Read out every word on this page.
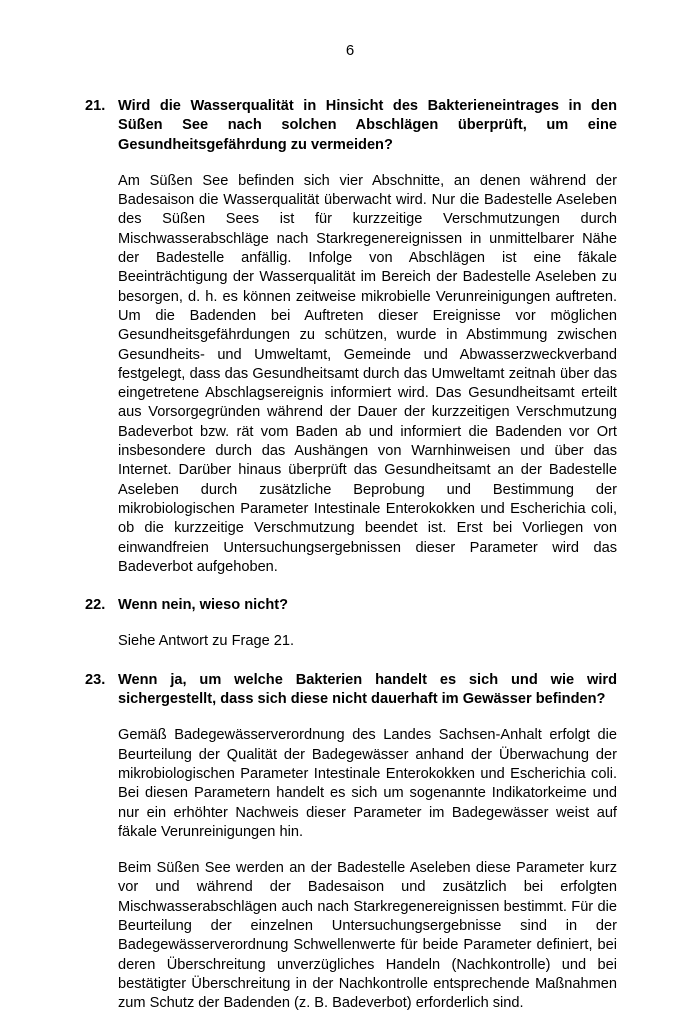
6
21. Wird die Wasserqualität in Hinsicht des Bakterieneintrages in den Süßen See nach solchen Abschlägen überprüft, um eine Gesundheitsgefährdung zu vermeiden?
Am Süßen See befinden sich vier Abschnitte, an denen während der Badesaison die Wasserqualität überwacht wird. Nur die Badestelle Aseleben des Süßen Sees ist für kurzzeitige Verschmutzungen durch Mischwasserabschläge nach Starkregenereignissen in unmittelbarer Nähe der Badestelle anfällig. Infolge von Abschlägen ist eine fäkale Beeinträchtigung der Wasserqualität im Bereich der Badestelle Aseleben zu besorgen, d. h. es können zeitweise mikrobielle Verunreinigungen auftreten. Um die Badenden bei Auftreten dieser Ereignisse vor möglichen Gesundheitsgefährdungen zu schützen, wurde in Abstimmung zwischen Gesundheits- und Umweltamt, Gemeinde und Abwasserzweckverband festgelegt, dass das Gesundheitsamt durch das Umweltamt zeitnah über das eingetretene Abschlagsereignis informiert wird. Das Gesundheitsamt erteilt aus Vorsorgegründen während der Dauer der kurzzeitigen Verschmutzung Badeverbot bzw. rät vom Baden ab und informiert die Badenden vor Ort insbesondere durch das Aushängen von Warnhinweisen und über das Internet. Darüber hinaus überprüft das Gesundheitsamt an der Badestelle Aseleben durch zusätzliche Beprobung und Bestimmung der mikrobiologischen Parameter Intestinale Enterokokken und Escherichia coli, ob die kurzzeitige Verschmutzung beendet ist. Erst bei Vorliegen von einwandfreien Untersuchungsergebnissen dieser Parameter wird das Badeverbot aufgehoben.
22. Wenn nein, wieso nicht?
Siehe Antwort zu Frage 21.
23. Wenn ja, um welche Bakterien handelt es sich und wie wird sichergestellt, dass sich diese nicht dauerhaft im Gewässer befinden?
Gemäß Badegewässerverordnung des Landes Sachsen-Anhalt erfolgt die Beurteilung der Qualität der Badegewässer anhand der Überwachung der mikrobiologischen Parameter Intestinale Enterokokken und Escherichia coli. Bei diesen Parametern handelt es sich um sogenannte Indikatorkeime und nur ein erhöhter Nachweis dieser Parameter im Badegewässer weist auf fäkale Verunreinigungen hin.
Beim Süßen See werden an der Badestelle Aseleben diese Parameter kurz vor und während der Badesaison und zusätzlich bei erfolgten Mischwasserabschlägen auch nach Starkregenereignissen bestimmt. Für die Beurteilung der einzelnen Untersuchungsergebnisse sind in der Badegewässerverordnung Schwellenwerte für beide Parameter definiert, bei deren Überschreitung unverzügliches Handeln (Nachkontrolle) und bei bestätigter Überschreitung in der Nachkontrolle entsprechende Maßnahmen zum Schutz der Badenden (z. B. Badeverbot) erforderlich sind.
